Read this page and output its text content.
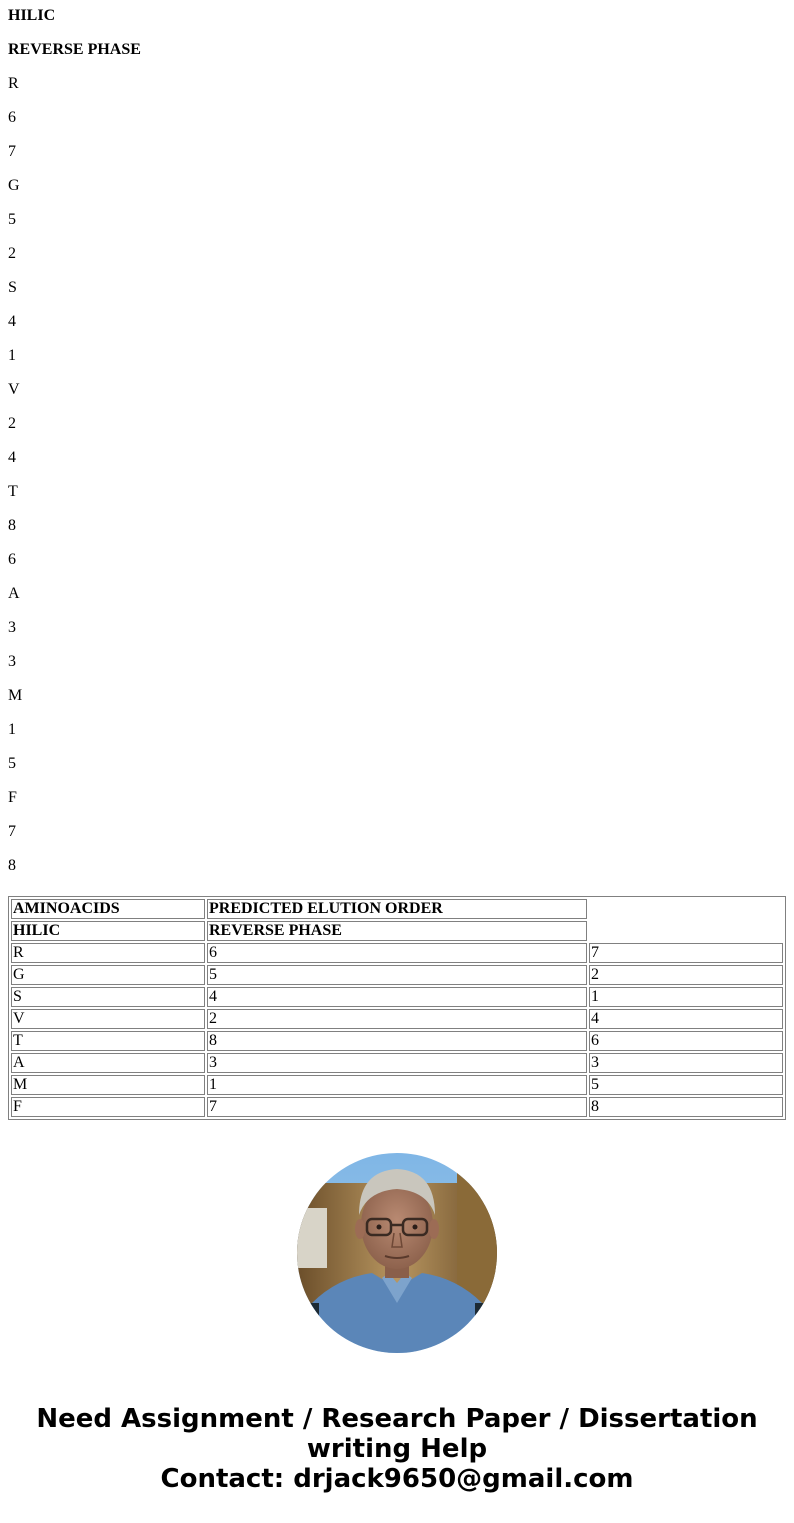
HILIC
REVERSE PHASE
R
6
7
G
5
2
S
4
1
V
2
4
T
8
6
A
3
3
M
1
5
F
7
8
AMINOACIDS	PREDICTED ELUTION ORDER	
HILIC	REVERSE PHASE	
R	6	7
G	5	2
S	4	1
V	2	4
T	8	6
A	3	3
M	1	5
F	7	8
Need Assignment / Research Paper / Dissertation
writing Help
Contact: drjack9650@gmail.com
